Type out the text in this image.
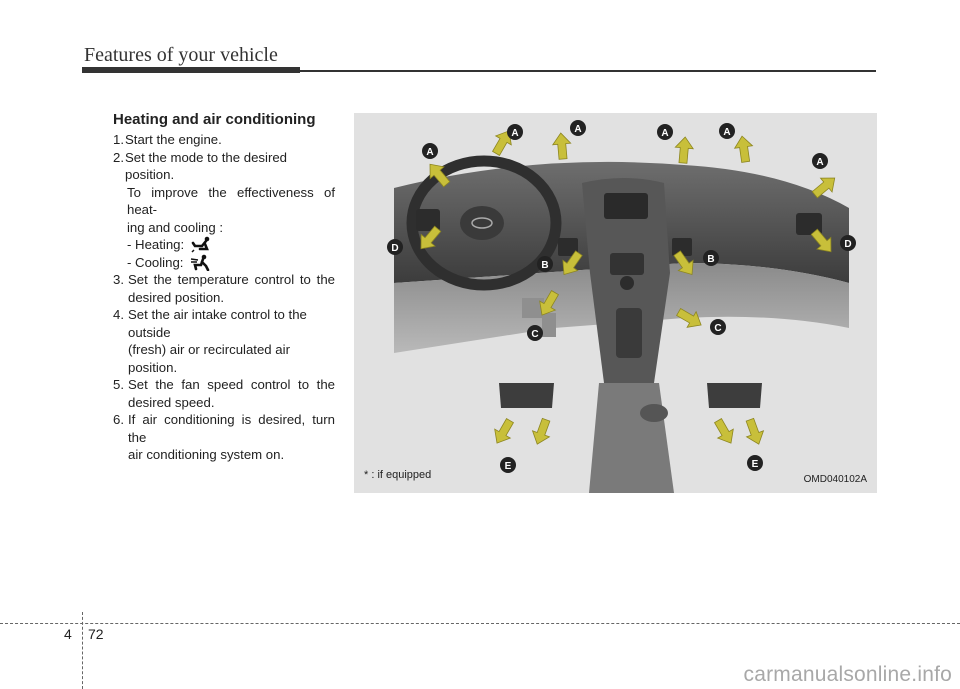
Features of your vehicle
Heating and air conditioning
1. Start the engine.
2. Set the mode to the desired position.
To improve the effectiveness of heat-
ing and cooling :
- Heating:
- Cooling:
3. Set the temperature control to the
desired position.
4. Set the air intake control to the outside
(fresh) air or recirculated air position.
5. Set the fan speed control to the
desired speed.
6. If air conditioning is desired, turn the
air conditioning system on.
A
A	A	A	A
A
B
B
C
C
D	D
E	E
* : if equipped	OMD040102A
4 72
carmanualsonline.info
